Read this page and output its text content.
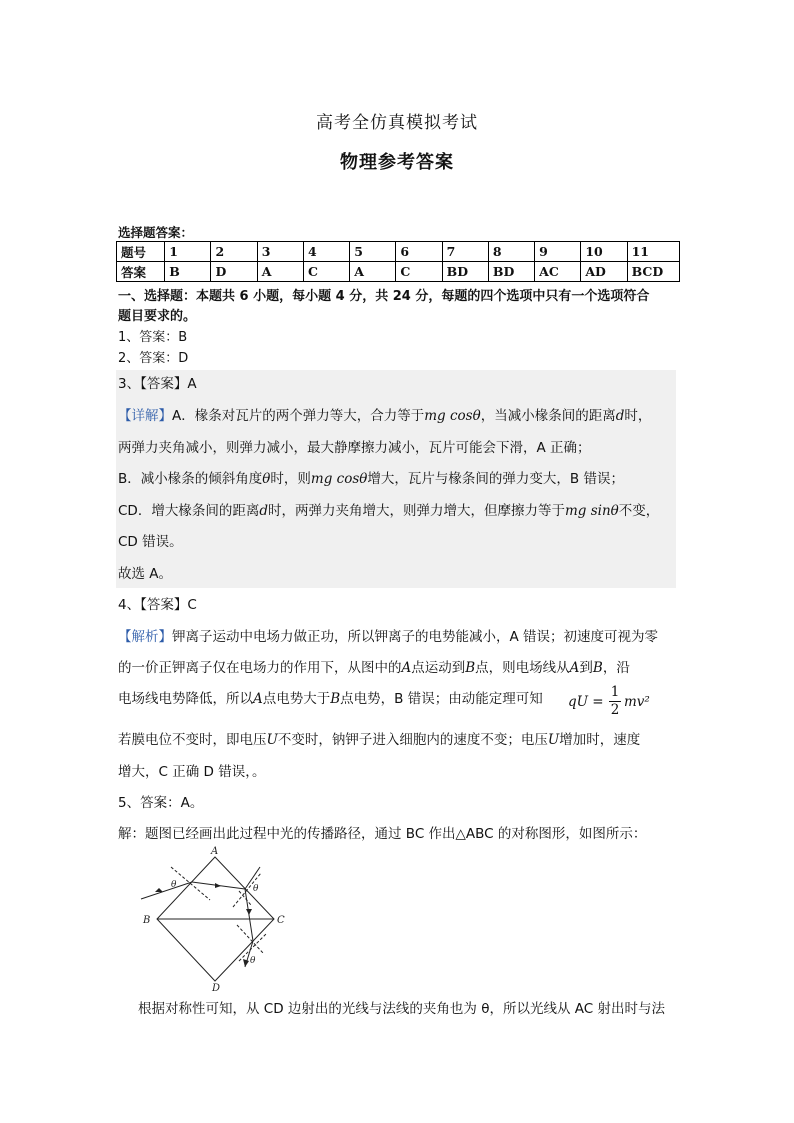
高考全仿真模拟考试
物理参考答案
选择题答案：
题号	1	2	3	4	5	6	7	8	9	10	11
答案	B	D	A	C	A	C	BD	BD	AC	AD	BCD
一、选择题：本题共 6 小题，每小题 4 分，共 24 分，每题的四个选项中只有一个选项符合
题目要求的。
1、答案：B
2、答案：D
3、【答案】A
【详解】A．椽条对瓦片的两个弹力等大，合力等于mg cosθ，当减小椽条间的距离d时，
两弹力夹角减小，则弹力减小，最大静摩擦力减小，瓦片可能会下滑，A 正确；
B．减小椽条的倾斜角度θ时，则mg cosθ增大，瓦片与椽条间的弹力变大，B 错误；
CD．增大椽条间的距离d时，两弹力夹角增大，则弹力增大，但摩擦力等于mg sinθ不变，
CD 错误。
故选 A。
4、【答案】C
【解析】钾离子运动中电场力做正功，所以钾离子的电势能减小，A 错误；初速度可视为零
的一价正钾离子仅在电场力的作用下，从图中的A点运动到B点，则电场线从A到B，沿
电场线电势降低，所以A点电势大于B点电势，B 错误；由动能定理可知 qU =
1
2 mv²
若膜电位不变时，即电压U不变时，钠钾子进入细胞内的速度不变；电压U增加时，速度
增大，C 正确 D 错误，。
5、答案：A。
解：题图已经画出此过程中光的传播路径，通过 BC 作出△ABC 的对称图形，如图所示：
A
B	C
D
θ	θ
θ
根据对称性可知，从 CD 边射出的光线与法线的夹角也为 θ，所以光线从 AC 射出时与法
